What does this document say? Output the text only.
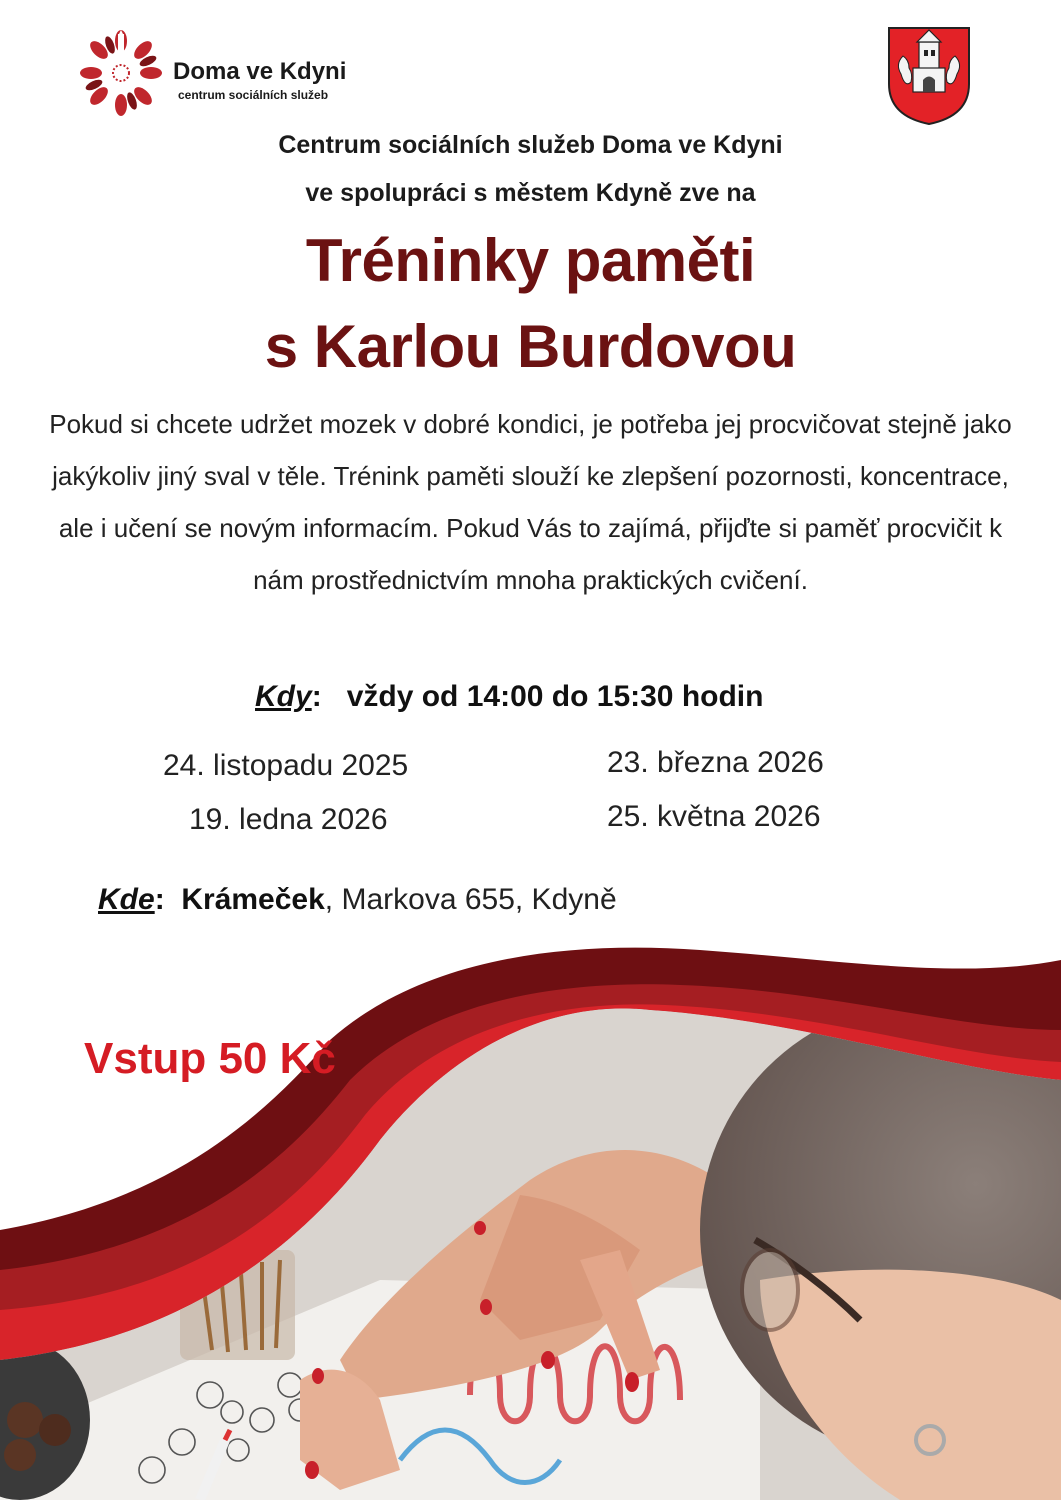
Doma ve Kdyni
centrum sociálních služeb
Centrum sociálních služeb Doma ve Kdyni
ve spolupráci s městem Kdyně zve na
Tréninky paměti
s Karlou Burdovou

Pokud si chcete udržet mozek v dobré kondici, je potřeba jej procvičovat stejně jako jakýkoliv jiný sval v těle. Trénink paměti slouží ke zlepšení pozornosti, koncentrace, ale i učení se novým informacím. Pokud Vás to zajímá, přijďte si paměť procvičit k nám prostřednictvím mnoha praktických cvičení.

Kdy: vždy od 14:00 do 15:30 hodin
24. listopadu 2025
19. ledna 2026
23. března 2026
25. května 2026
Kde: Krámeček, Markova 655, Kdyně
Vstup 50 Kč
